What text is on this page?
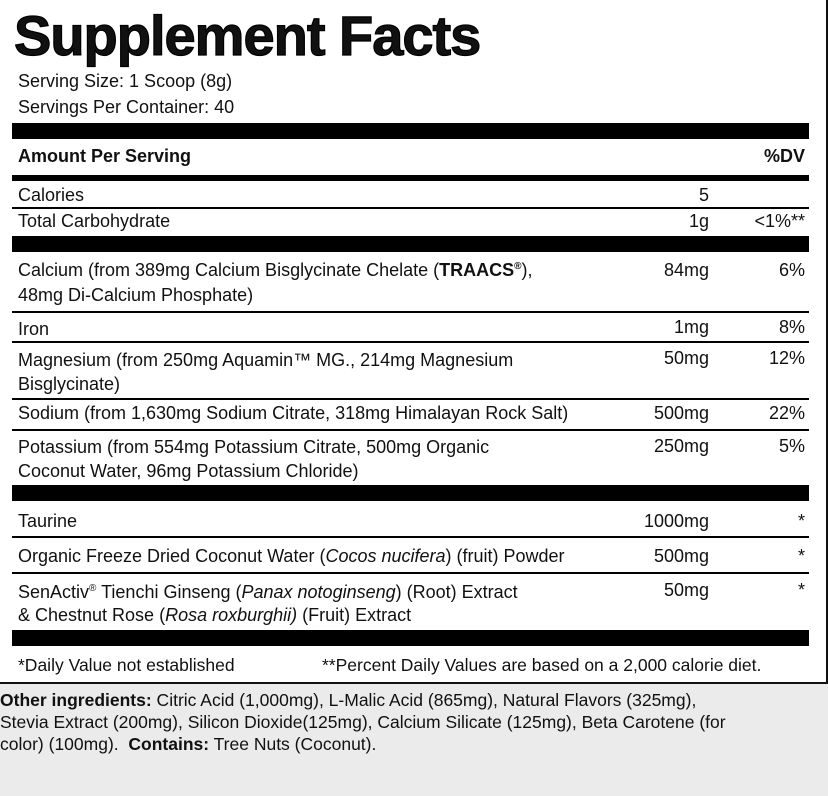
Supplement Facts
Serving Size: 1 Scoop (8g)
Servings Per Container: 40
Amount Per Serving	%DV
Calories	5
Total Carbohydrate	1g	<1%**
Calcium (from 389mg Calcium Bisglycinate Chelate (TRAACS®),	84mg	6%
48mg Di-Calcium Phosphate)
Iron	1mg	8%
Magnesium (from 250mg Aquamin™ MG., 214mg Magnesium	50mg	12%
Bisglycinate)
Sodium (from 1,630mg Sodium Citrate, 318mg Himalayan Rock Salt)	500mg	22%
Potassium (from 554mg Potassium Citrate, 500mg Organic	250mg	5%
Coconut Water, 96mg Potassium Chloride)
Taurine	1000mg	*
Organic Freeze Dried Coconut Water (Cocos nucifera) (fruit) Powder	500mg	*
SenActiv® Tienchi Ginseng (Panax notoginseng) (Root) Extract	50mg	*
& Chestnut Rose (Rosa roxburghii) (Fruit) Extract
*Daily Value not established	**Percent Daily Values are based on a 2,000 calorie diet.
Other ingredients: Citric Acid (1,000mg), L-Malic Acid (865mg), Natural Flavors (325mg),
Stevia Extract (200mg), Silicon Dioxide(125mg), Calcium Silicate (125mg), Beta Carotene (for
color) (100mg).  Contains: Tree Nuts (Coconut).
